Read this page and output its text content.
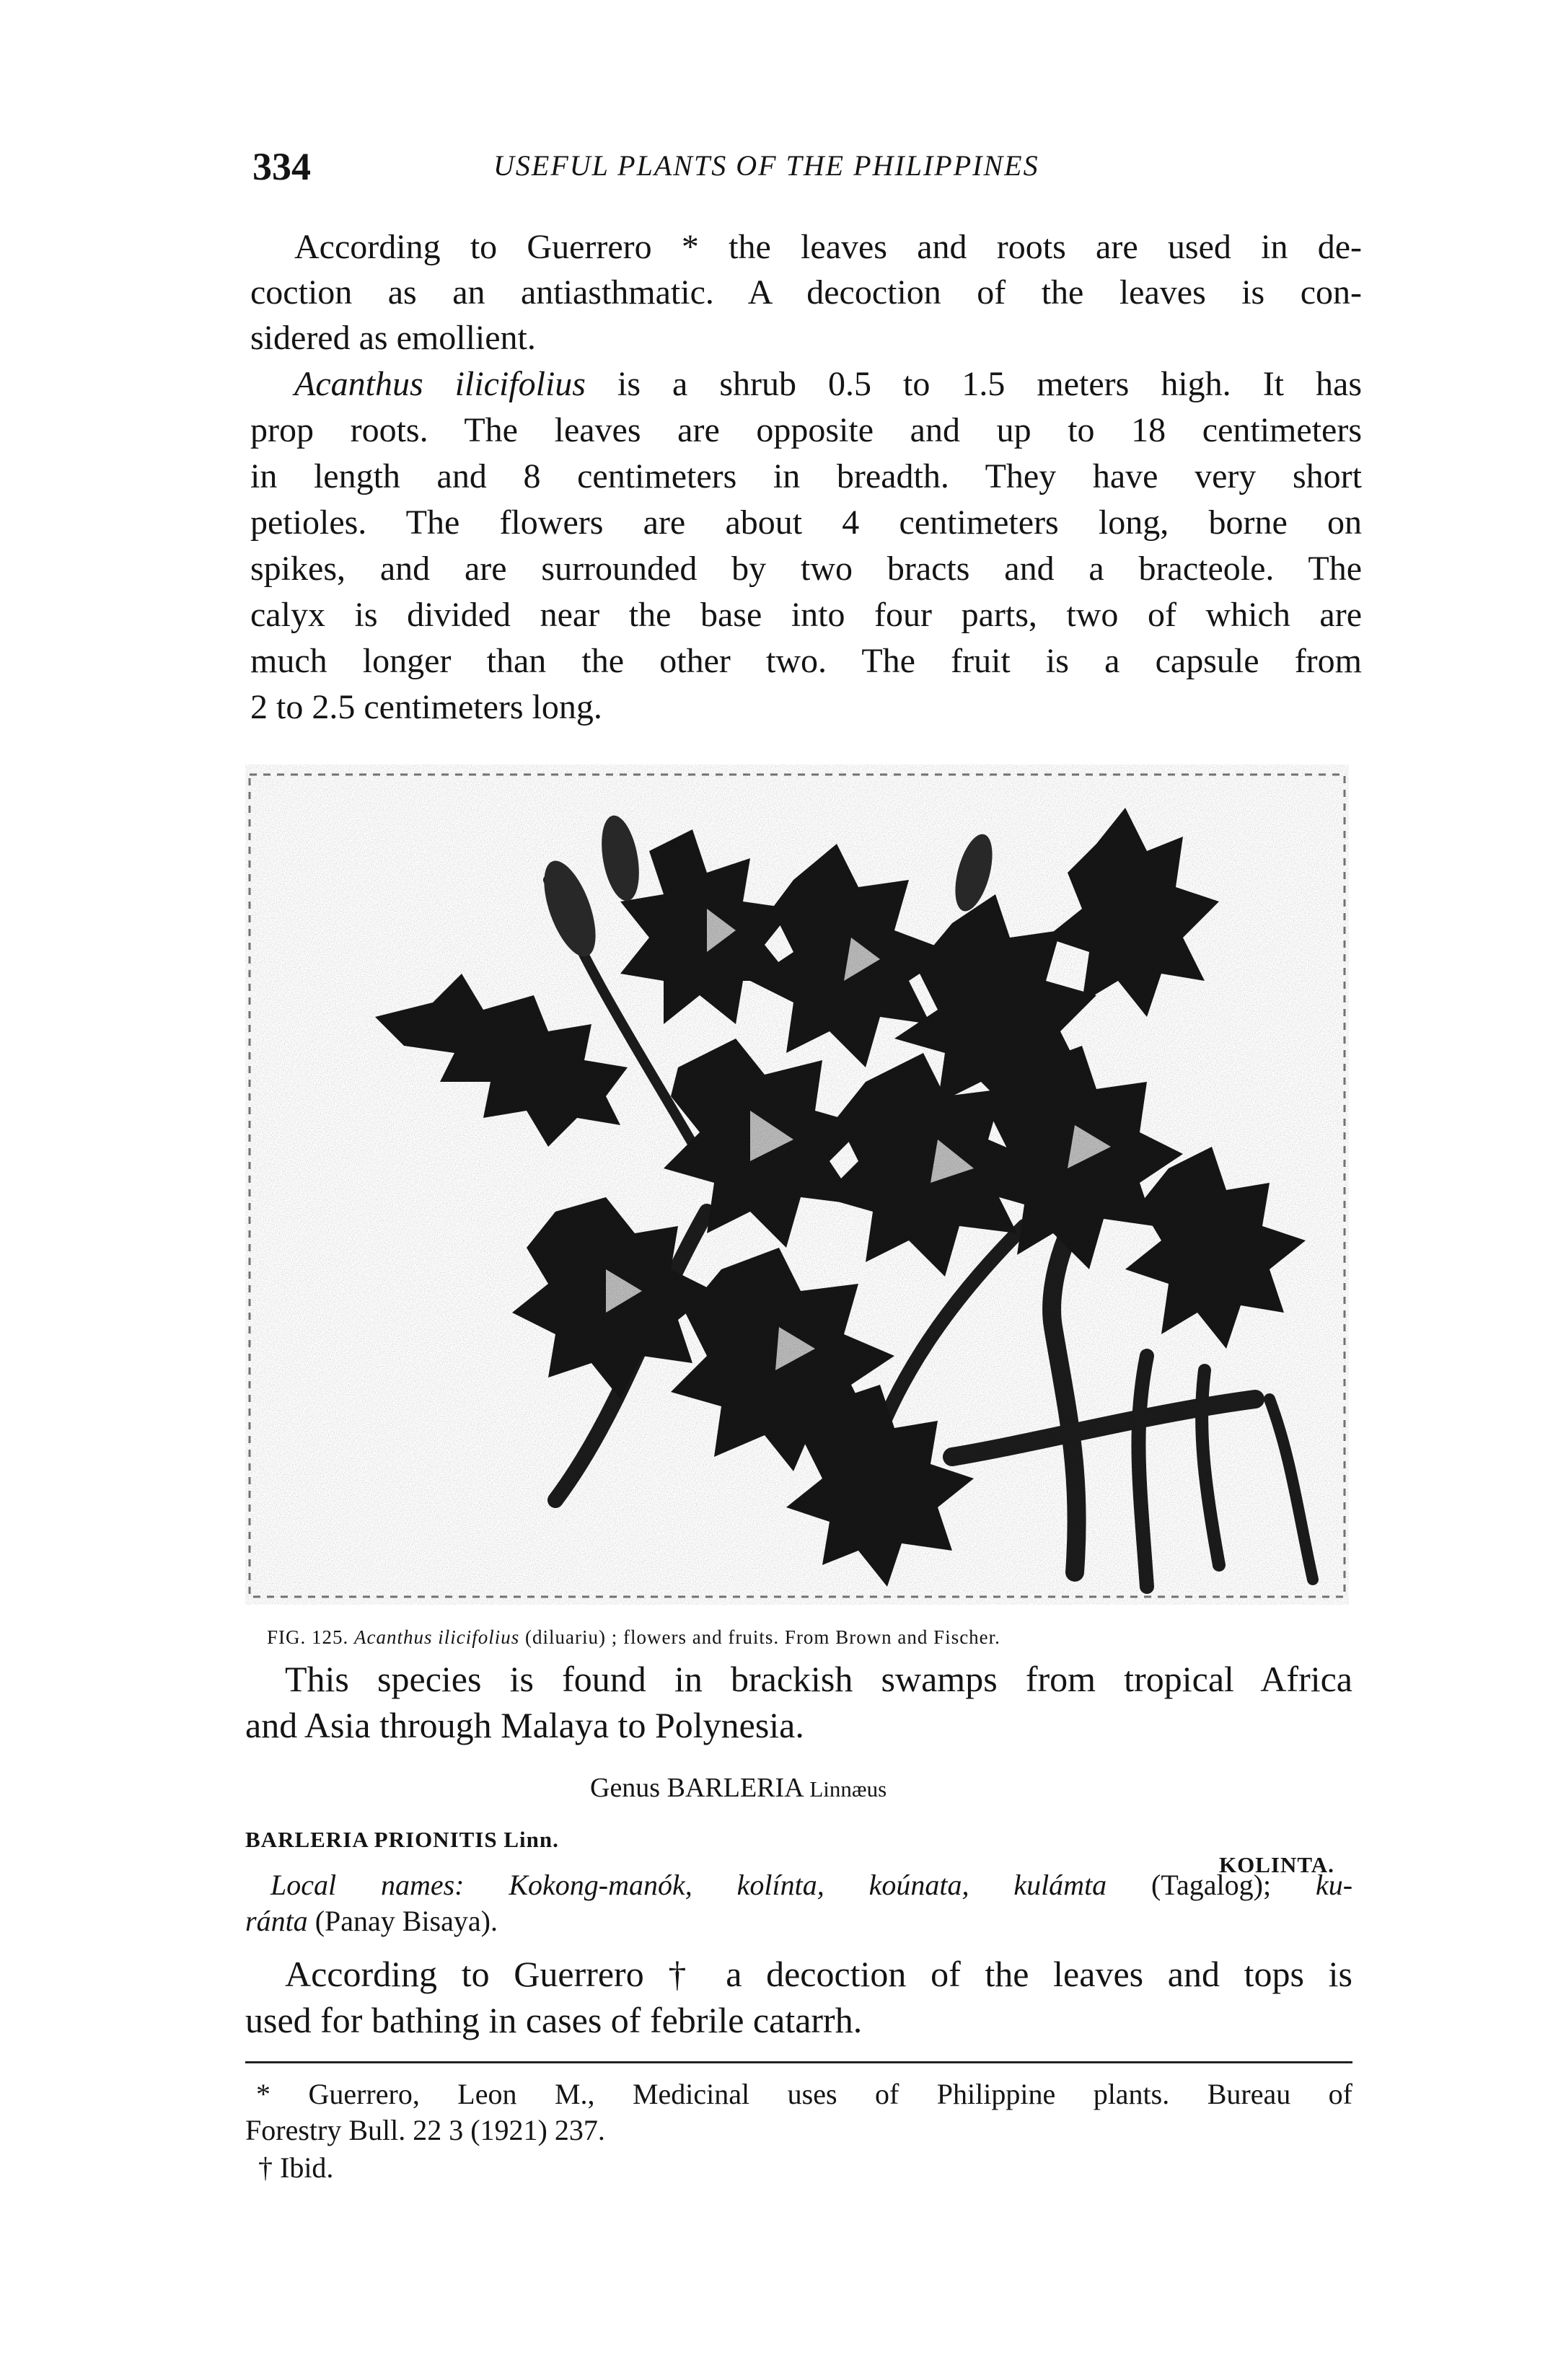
334	USEFUL PLANTS OF THE PHILIPPINES
According to Guerrero * the leaves and roots are used in de-
coction as an antiasthmatic. A decoction of the leaves is con-
sidered as emollient.
Acanthus ilicifolius is a shrub 0.5 to 1.5 meters high. It has
prop roots. The leaves are opposite and up to 18 centimeters
in length and 8 centimeters in breadth. They have very short
petioles. The flowers are about 4 centimeters long, borne on
spikes, and are surrounded by two bracts and a bracteole. The
calyx is divided near the base into four parts, two of which are
much longer than the other two. The fruit is a capsule from
2 to 2.5 centimeters long.
FIG. 125. Acanthus ilicifolius (diluariu) ; flowers and fruits. From Brown and Fischer.
This species is found in brackish swamps from tropical Africa
and Asia through Malaya to Polynesia.
Genus BARLERIA Linnæus
BARLERIA PRIONITIS Linn.
KOLINTA.
Local names: Kokong-manók, kolínta, koúnata, kulámta (Tagalog); ku-
ránta (Panay Bisaya).
According to Guerrero † a decoction of the leaves and tops is
used for bathing in cases of febrile catarrh.
* Guerrero, Leon M., Medicinal uses of Philippine plants. Bureau of
Forestry Bull. 22 3 (1921) 237.
† Ibid.
